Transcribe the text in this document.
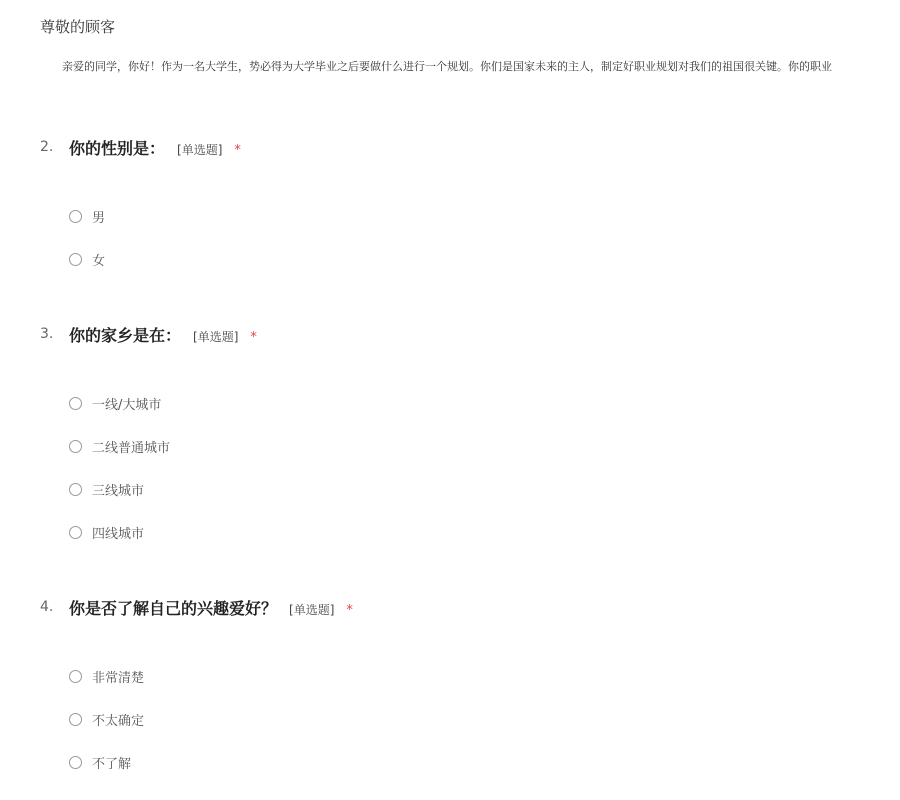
尊敬的顾客
亲爱的同学，你好！作为一名大学生，势必得为大学毕业之后要做什么进行一个规划。你们是国家未来的主人，制定好职业规划对我们的祖国很关键。你的职业
2. 你的性别是： [单选题] *
男
女
3. 你的家乡是在： [单选题] *
一线/大城市
二线普通城市
三线城市
四线城市
4. 你是否了解自己的兴趣爱好？ [单选题] *
非常清楚
不太确定
不了解
